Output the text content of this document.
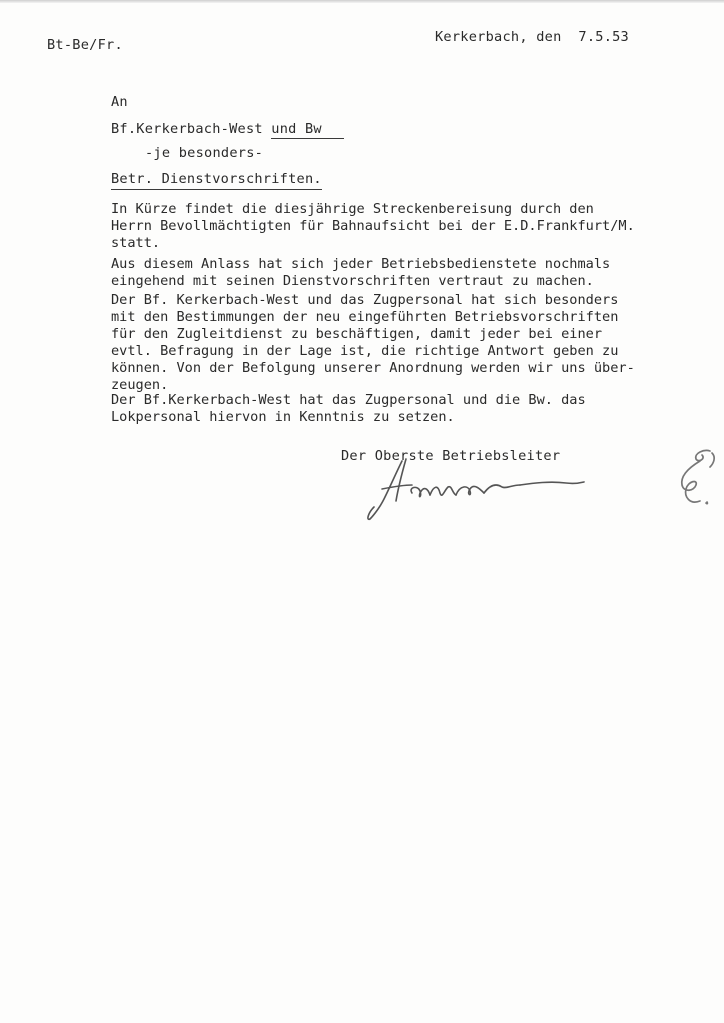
Bt-Be/Fr.	Kerkerbach, den 7.5.53
An
Bf.Kerkerbach-West und Bw
-je besonders-
Betr. Dienstvorschriften.
In Kürze findet die diesjährige Streckenbereisung durch den
Herrn Bevollmächtigten für Bahnaufsicht bei der E.D.Frankfurt/M.
statt.
Aus diesem Anlass hat sich jeder Betriebsbedienstete nochmals
eingehend mit seinen Dienstvorschriften vertraut zu machen.
Der Bf. Kerkerbach-West und das Zugpersonal hat sich besonders
mit den Bestimmungen der neu eingeführten Betriebsvorschriften
für den Zugleitdienst zu beschäftigen, damit jeder bei einer
evtl. Befragung in der Lage ist, die richtige Antwort geben zu
können. Von der Befolgung unserer Anordnung werden wir uns über-
zeugen.
Der Bf.Kerkerbach-West hat das Zugpersonal und die Bw. das
Lokpersonal hiervon in Kenntnis zu setzen.
Der Oberste Betriebsleiter
